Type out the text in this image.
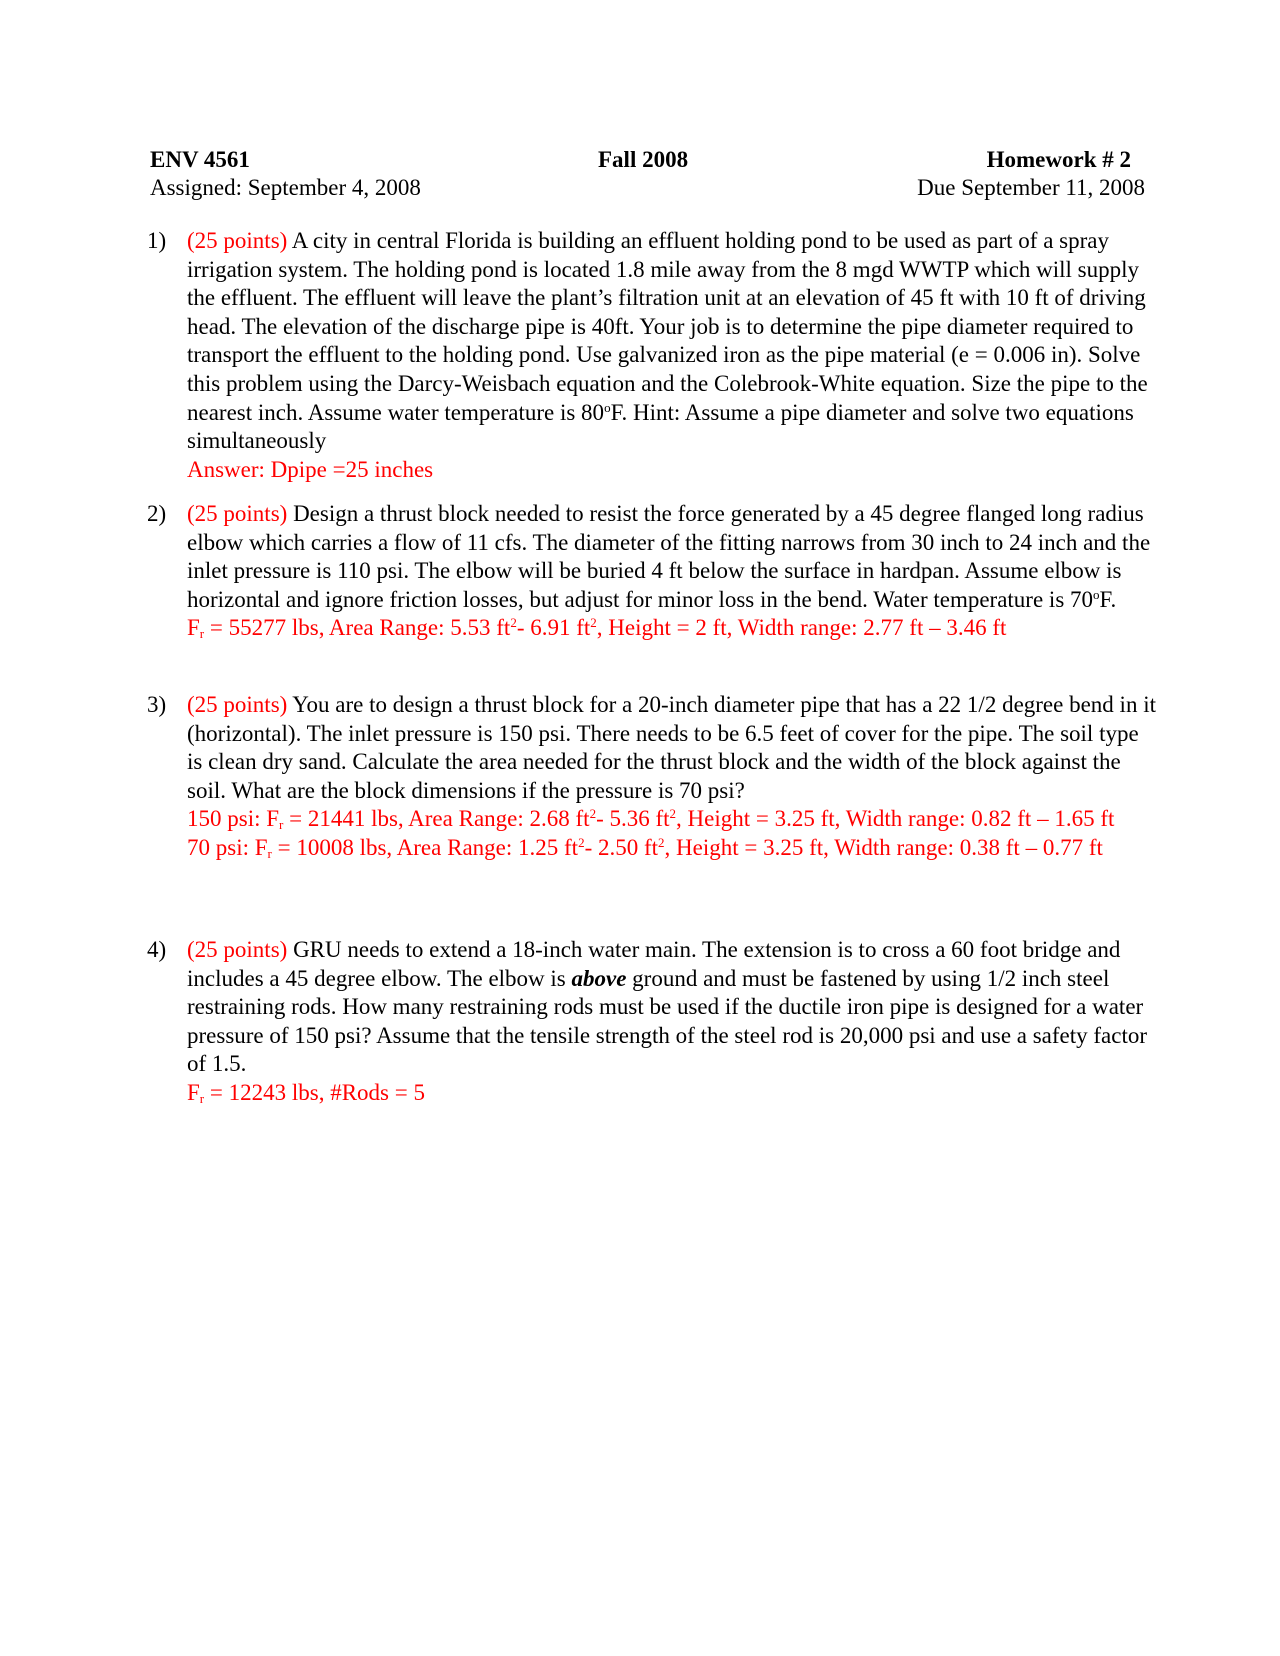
ENV 4561	Fall 2008	Homework # 2
Assigned: September 4, 2008	Due September 11, 2008
1) (25 points) A city in central Florida is building an effluent holding pond to be used as part of a spray irrigation system. The holding pond is located 1.8 mile away from the 8 mgd WWTP which will supply the effluent. The effluent will leave the plant’s filtration unit at an elevation of 45 ft with 10 ft of driving head. The elevation of the discharge pipe is 40ft. Your job is to determine the pipe diameter required to transport the effluent to the holding pond. Use galvanized iron as the pipe material (e = 0.006 in). Solve this problem using the Darcy-Weisbach equation and the Colebrook-White equation. Size the pipe to the nearest inch. Assume water temperature is 80$^o$F. Hint: Assume a pipe diameter and solve two equations simultaneously
Answer: Dpipe =25 inches
2) (25 points) Design a thrust block needed to resist the force generated by a 45 degree flanged long radius elbow which carries a flow of 11 cfs. The diameter of the fitting narrows from 30 inch to 24 inch and the inlet pressure is 110 psi. The elbow will be buried 4 ft below the surface in hardpan. Assume elbow is horizontal and ignore friction losses, but adjust for minor loss in the bend. Water temperature is 70$^o$F.
$F_r = 55277$ lbs, Area Range: 5.53 $ft^2-$ 6.91 $ft^2$, Height = 2 ft, Width range: 2.77 ft – 3.46 ft
3) (25 points) You are to design a thrust block for a 20-inch diameter pipe that has a 22 1/2 degree bend in it (horizontal). The inlet pressure is 150 psi. There needs to be 6.5 feet of cover for the pipe. The soil type is clean dry sand. Calculate the area needed for the thrust block and the width of the block against the soil. What are the block dimensions if the pressure is 70 psi?
150 psi: $F_r = 21441$ lbs, Area Range: 2.68 $ft^2-$ 5.36 $ft^2$, Height = 3.25 ft, Width range: 0.82 ft – 1.65 ft
70 psi: $F_r = 10008$ lbs, Area Range: 1.25 $ft^2-$ 2.50 $ft^2$, Height = 3.25 ft, Width range: 0.38 ft – 0.77 ft
4) (25 points) GRU needs to extend a 18-inch water main. The extension is to cross a 60 foot bridge and includes a 45 degree elbow. The elbow is above ground and must be fastened by using 1/2 inch steel restraining rods. How many restraining rods must be used if the ductile iron pipe is designed for a water pressure of 150 psi? Assume that the tensile strength of the steel rod is 20,000 psi and use a safety factor of 1.5.
$F_r = 12243$ lbs, #Rods = 5
